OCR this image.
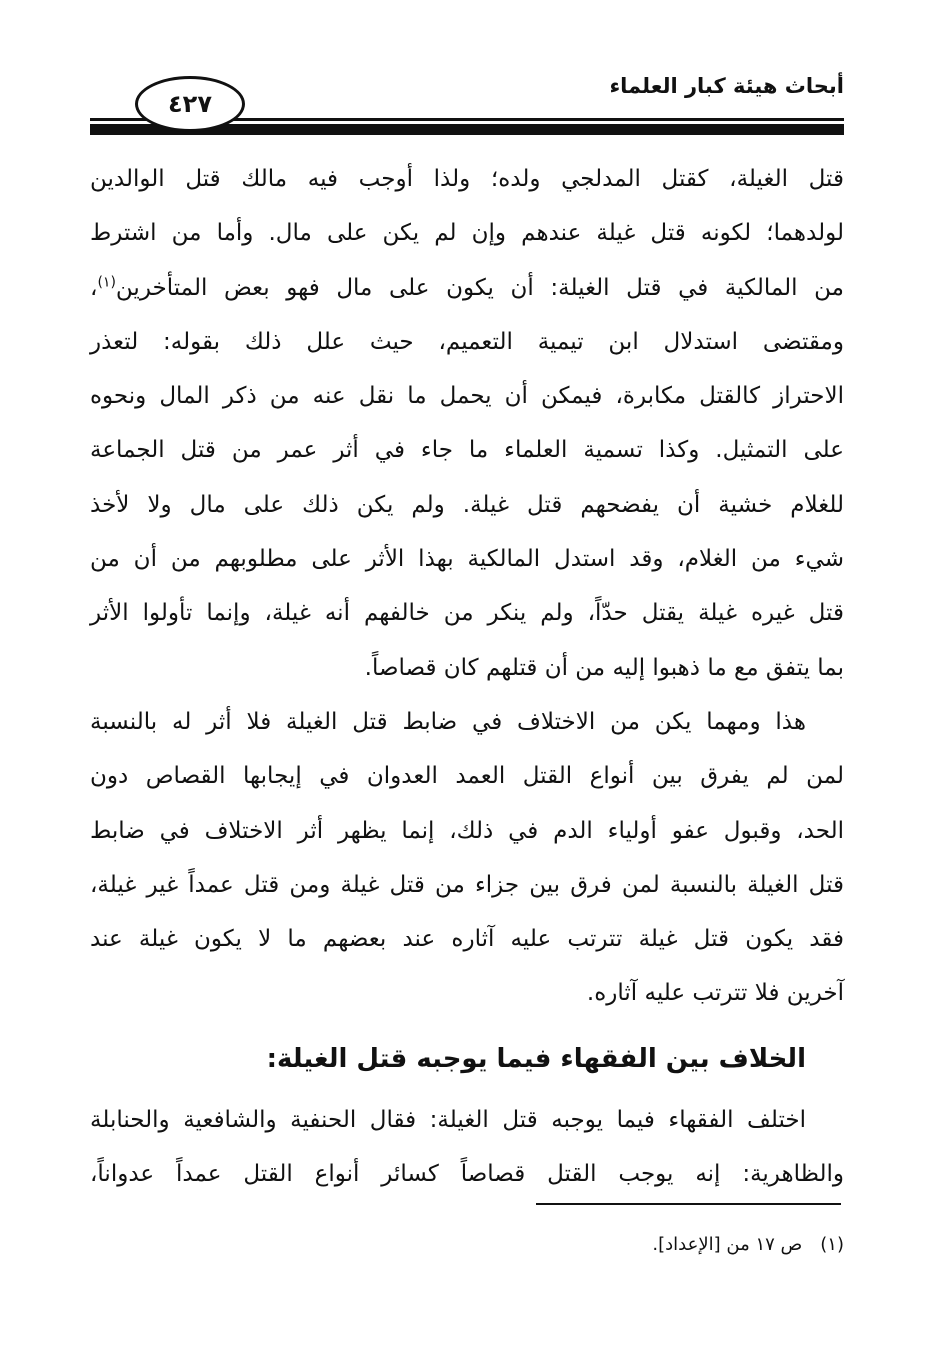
أبحاث هيئة كبار العلماء
٤٢٧

قتل الغيلة، كقتل المدلجي ولده؛ ولذا أوجب فيه مالك قتل الوالدين
لولدهما؛ لكونه قتل غيلة عندهم وإن لم يكن على مال. وأما من اشترط
من المالكية في قتل الغيلة: أن يكون على مال فهو بعض المتأخرين$^{(١)}$،
ومقتضى استدلال ابن تيمية التعميم، حيث علل ذلك بقوله: لتعذر
الاحتراز كالقتل مكابرة، فيمكن أن يحمل ما نقل عنه من ذكر المال ونحوه
على التمثيل. وكذا تسمية العلماء ما جاء في أثر عمر من قتل الجماعة
للغلام خشية أن يفضحهم قتل غيلة. ولم يكن ذلك على مال ولا لأخذ
شيء من الغلام، وقد استدل المالكية بهذا الأثر على مطلوبهم من أن من
قتل غيره غيلة يقتل حدّاً، ولم ينكر من خالفهم أنه غيلة، وإنما تأولوا الأثر
بما يتفق مع ما ذهبوا إليه من أن قتلهم كان قصاصاً.

هذا ومهما يكن من الاختلاف في ضابط قتل الغيلة فلا أثر له بالنسبة
لمن لم يفرق بين أنواع القتل العمد العدوان في إيجابها القصاص دون
الحد، وقبول عفو أولياء الدم في ذلك، إنما يظهر أثر الاختلاف في ضابط
قتل الغيلة بالنسبة لمن فرق بين جزاء من قتل غيلة ومن قتل عمداً غير غيلة،
فقد يكون قتل غيلة تترتب عليه آثاره عند بعضهم ما لا يكون غيلة عند
آخرين فلا تترتب عليه آثاره.

الخلاف بين الفقهاء فيما يوجبه قتل الغيلة:

اختلف الفقهاء فيما يوجبه قتل الغيلة: فقال الحنفية والشافعية والحنابلة
والظاهرية: إنه يوجب القتل قصاصاً كسائر أنواع القتل عمداً عدواناً،

(١)ص ١٧ من [الإعداد].
